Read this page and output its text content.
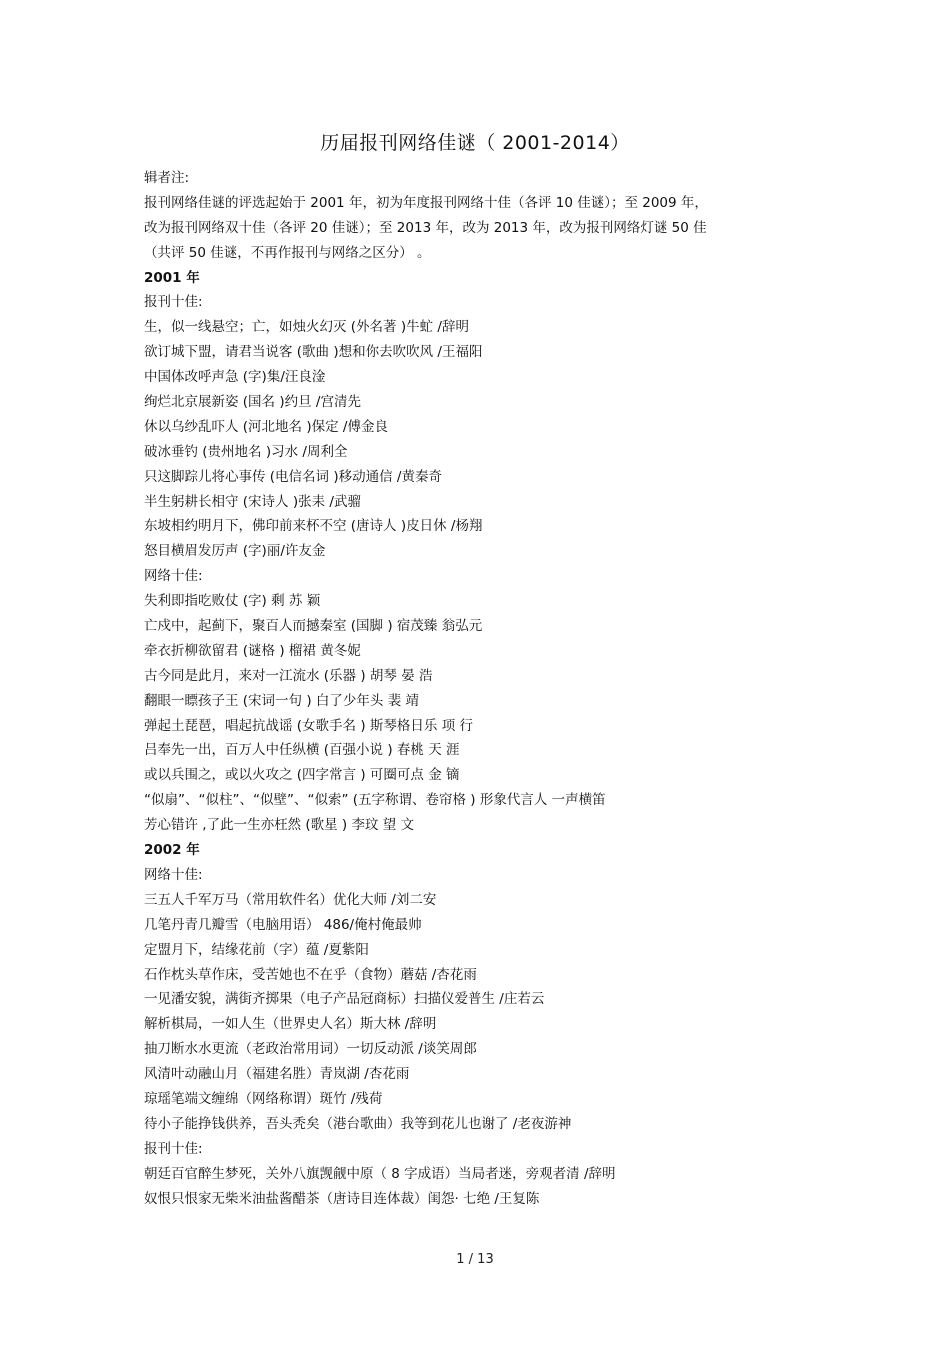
历届报刊网络佳谜（ 2001-2014）
辑者注:
报刊网络佳谜的评选起始于 2001 年，初为年度报刊网络十佳（各评 10 佳谜）；至 2009 年，
改为报刊网络双十佳（各评 20 佳谜）；至 2013 年，改为 2013 年，改为报刊网络灯谜 50 佳
（共评 50 佳谜，不再作报刊与网络之区分） 。
2001 年
报刊十佳:
生，似一线悬空；亡，如烛火幻灭 (外名著 )牛虻 /辞明
欲订城下盟，请君当说客 (歌曲 )想和你去吹吹风 /王福阳
中国体改呼声急 (字)集/汪良淦
绚烂北京展新姿 (国名 )约旦 /宫清先
休以乌纱乱吓人 (河北地名 )保定 /傅金良
破冰垂钓 (贵州地名 )习水 /周利全
只这脚踪儿将心事传 (电信名词 )移动通信 /黄秦奇
半生躬耕长相守 (宋诗人 )张耒 /武骝
东坡相约明月下，佛印前来杯不空 (唐诗人 )皮日休 /杨翔
怒目横眉发厉声 (字)丽/许友金
网络十佳:
失利即指吃败仗 (字) 剩 苏 颖
亡戍中，起蓟下，聚百人而撼秦室 (国脚 ) 宿茂臻 翁弘元
牵衣折柳欲留君 (谜格 ) 榴裙 黄冬妮
古今同是此月，来对一江流水 (乐器 ) 胡琴 晏 浩
翻眼一瞟孩子王 (宋词一句 ) 白了少年头 裴 靖
弹起土琵琶，唱起抗战谣 (女歌手名 ) 斯琴格日乐 项 行
吕奉先一出，百万人中任纵横 (百强小说 ) 春桃 天 涯
或以兵围之，或以火攻之 (四字常言 ) 可圈可点 金 镝
“似扇”、“似柱”、“似壁”、“似索” (五字称谓、卷帘格 ) 形象代言人 一声横笛
芳心错许 ,了此一生亦枉然 (歌星 ) 李玟 望 文
2002 年
网络十佳:
三五人千军万马（常用软件名）优化大师 /刘二安
几笔丹青几瓣雪（电脑用语） 486/俺村俺最帅
定盟月下，结缘花前（字）蕴 /夏紫阳
石作枕头草作床，受苦她也不在乎（食物）蘑菇 /杏花雨
一见潘安貌，满街齐掷果（电子产品冠商标）扫描仪爱普生 /庄若云
解析棋局，一如人生（世界史人名）斯大林 /辞明
抽刀断水水更流（老政治常用词）一切反动派 /谈笑周郎
风清叶动融山月（福建名胜）青岚湖 /杏花雨
琼瑶笔端文缠绵（网络称谓）斑竹 /残荷
待小子能挣钱供养，吾头秃矣（港台歌曲）我等到花儿也谢了 /老夜游神
报刊十佳:
朝廷百官醉生梦死，关外八旗觊觎中原（ 8 字成语）当局者迷，旁观者清 /辞明
奴恨只恨家无柴米油盐酱醋茶（唐诗目连体裁）闺怨· 七绝 /王复陈
1 / 13
